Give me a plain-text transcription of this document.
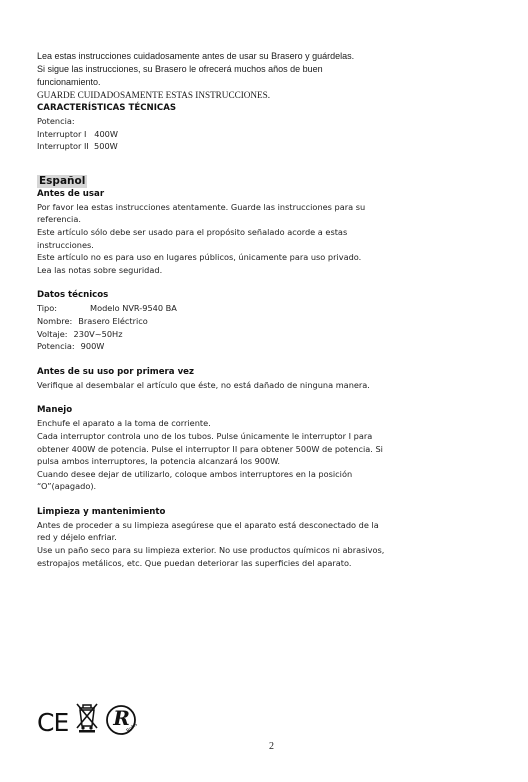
Lea estas instrucciones cuidadosamente antes de usar su Brasero y guárdelas.

Si sigue las instrucciones, su Brasero le ofrecerá muchos años de buen

funcionamiento.

GUARDE CUIDADOSAMENTE ESTAS INSTRUCCIONES.

CARACTERÍSTICAS TÉCNICAS

Potencia:

Interruptor I   400W

Interruptor II  500W

Español

Antes de usar

Por favor lea estas instrucciones atentamente. Guarde las instrucciones para su

referencia.

Este artículo sólo debe ser usado para el propósito señalado acorde a estas

instrucciones.

Este artículo no es para uso en lugares públicos, únicamente para uso privado.

Lea las notas sobre seguridad.

Datos técnicos

Tipo:	Modelo NVR-9540 BA
Nombre: Brasero Eléctrico
Voltaje: 230V~50Hz
Potencia: 900W

Antes de su uso por primera vez

Verifique al desembalar el artículo que éste, no está dañado de ninguna manera.

Manejo

Enchufe el aparato a la toma de corriente.

Cada interruptor controla uno de los tubos. Pulse únicamente le interruptor I para

obtener 400W de potencia. Pulse el interruptor II para obtener 500W de potencia. Si

pulsa ambos interruptores, la potencia alcanzará los 900W.

Cuando desee dejar de utilizarlo, coloque ambos interruptores en la posición

“O”(apagado).

Limpieza y mantenimiento

Antes de proceder a su limpieza asegúrese que el aparato está desconectado de la

red y déjelo enfriar.

Use un paño seco para su limpieza exterior. No use productos químicos ni abrasivos,

estropajos metálicos, etc. Que puedan deteriorar las superficies del aparato.

CE R
Rohs
2
